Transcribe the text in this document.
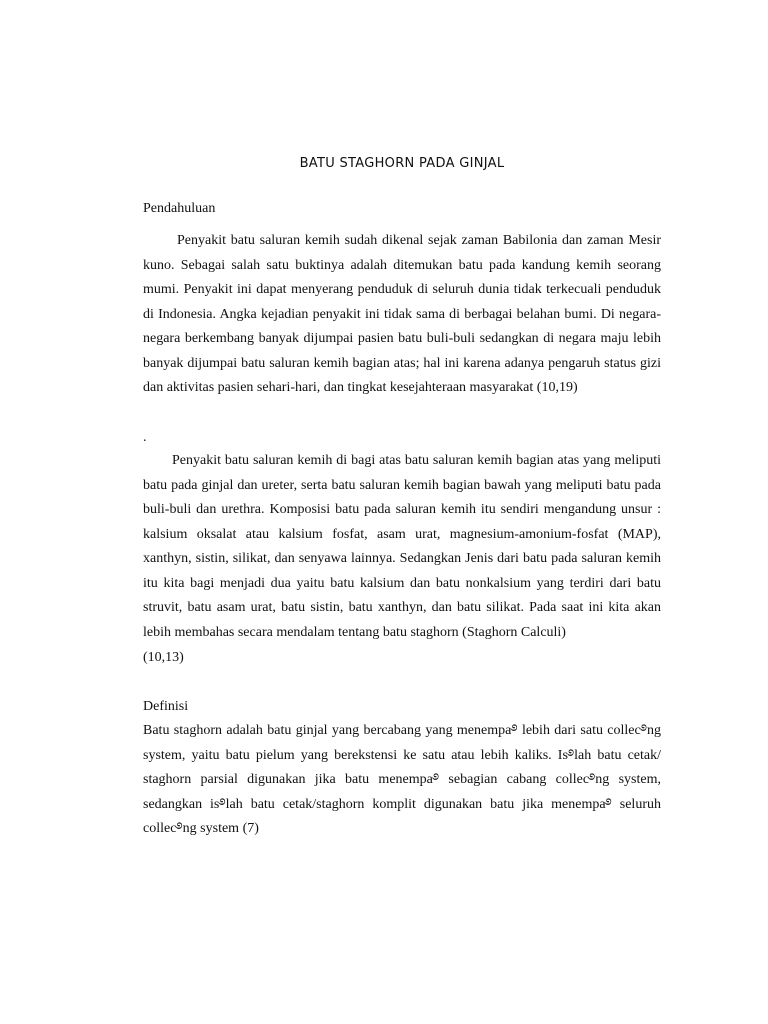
BATU STAGHORN PADA GINJAL
Pendahuluan

Penyakit batu saluran kemih sudah dikenal sejak zaman Babilonia dan zaman Mesir kuno. Sebagai salah satu buktinya adalah ditemukan batu pada kandung kemih seorang mumi. Penyakit ini dapat menyerang penduduk di seluruh dunia tidak terkecuali penduduk di Indonesia. Angka kejadian penyakit ini tidak sama di berbagai belahan bumi. Di negara-negara berkembang banyak dijumpai pasien batu buli-buli sedangkan di negara maju lebih banyak dijumpai batu saluran kemih bagian atas; hal ini karena adanya pengaruh status gizi dan aktivitas pasien sehari-hari, dan tingkat kesejahteraan masyarakat (10,19)

.

Penyakit batu saluran kemih di bagi atas batu saluran kemih bagian atas yang meliputi batu pada ginjal dan ureter, serta batu saluran kemih bagian bawah yang meliputi batu pada buli-buli dan urethra. Komposisi batu pada saluran kemih itu sendiri mengandung unsur : kalsium oksalat atau kalsium fosfat, asam urat, magnesium-amonium-fosfat (MAP), xanthyn, sistin, silikat, dan senyawa lainnya. Sedangkan Jenis dari batu pada saluran kemih itu kita bagi menjadi dua yaitu batu kalsium dan batu nonkalsium yang terdiri dari batu struvit, batu asam urat, batu sistin, batu xanthyn, dan batu silikat. Pada saat ini kita akan lebih membahas secara mendalam tentang batu staghorn (Staghorn Calculi)

(10,13)
Definisi

Batu staghorn adalah batu ginjal yang bercabang yang menempa࿔ lebih dari satu collec࿔ng system, yaitu batu pielum yang berekstensi ke satu atau lebih kaliks. Is࿔lah batu cetak/ staghorn parsial digunakan jika batu menempa࿔ sebagian cabang collec࿔ng system, sedangkan is࿔lah batu cetak/staghorn komplit digunakan batu jika menempa࿔ seluruh collec࿔ng system (7)
